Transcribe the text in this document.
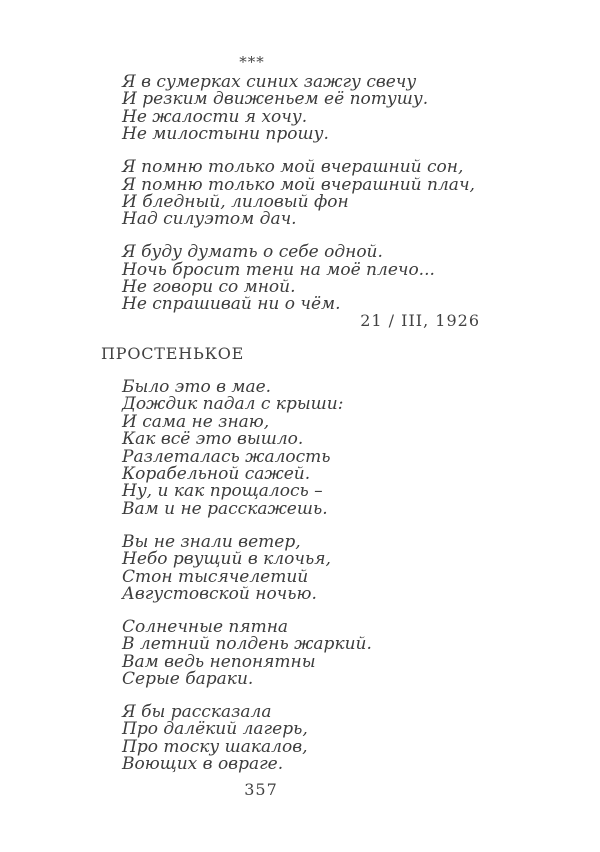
***
Я в сумерках синих зажгу свечу
И резким движеньем её потушу.
Не жалости я хочу.
Не милостыни прошу.
Я помню только мой вчерашний сон,
Я помню только мой вчерашний плач,
И бледный, лиловый фон
Над силуэтом дач.
Я буду думать о себе одной.
Ночь бросит тени на моё плечо...
Не говори со мной.
Не спрашивай ни о чём.
21 / III, 1926
ПРОСТЕНЬКОЕ
Было это в мае.
Дождик падал с крыши:
И сама не знаю,
Как всё это вышло.
Разлеталась жалость
Корабельной сажей.
Ну, и как прощалось –
Вам и не расскажешь.
Вы не знали ветер,
Небо рвущий в клочья,
Стон тысячелетий
Августовской ночью.
Солнечные пятна
В летний полдень жаркий.
Вам ведь непонятны
Серые бараки.
Я бы рассказала
Про далёкий лагерь,
Про тоску шакалов,
Воющих в овраге.
357
